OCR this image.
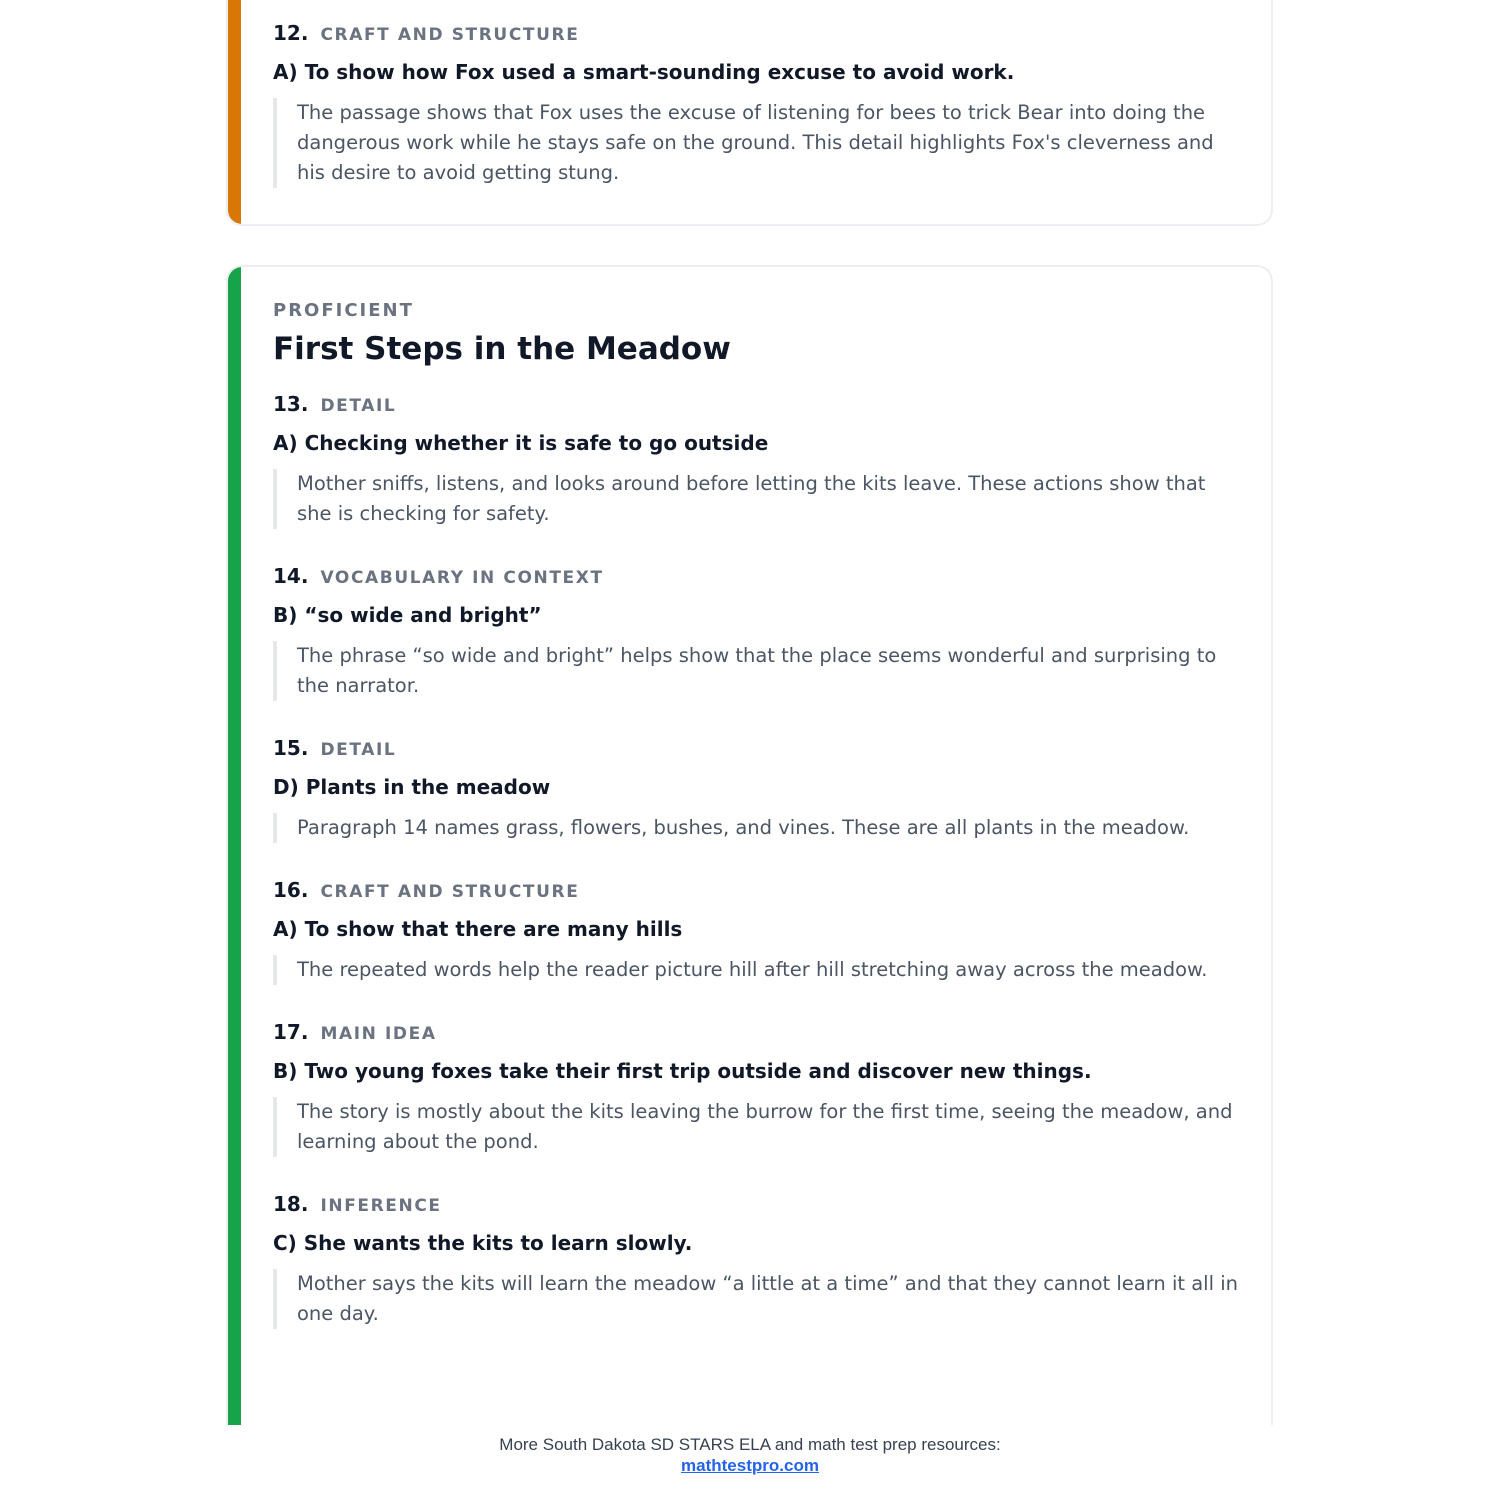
12. CRAFT AND STRUCTURE

A) To show how Fox used a smart-sounding excuse to avoid work.

The passage shows that Fox uses the excuse of listening for bees to trick Bear into doing the dangerous work while he stays safe on the ground. This detail highlights Fox's cleverness and his desire to avoid getting stung.

PROFICIENT

First Steps in the Meadow
13. DETAIL

A) Checking whether it is safe to go outside

Mother sniffs, listens, and looks around before letting the kits leave. These actions show that she is checking for safety.

14. VOCABULARY IN CONTEXT

B) “so wide and bright”

The phrase “so wide and bright” helps show that the place seems wonderful and surprising to the narrator.

15. DETAIL

D) Plants in the meadow

Paragraph 14 names grass, flowers, bushes, and vines. These are all plants in the meadow.

16. CRAFT AND STRUCTURE

A) To show that there are many hills

The repeated words help the reader picture hill after hill stretching away across the meadow.

17. MAIN IDEA

B) Two young foxes take their first trip outside and discover new things.

The story is mostly about the kits leaving the burrow for the first time, seeing the meadow, and learning about the pond.

18. INFERENCE

C) She wants the kits to learn slowly.

Mother says the kits will learn the meadow “a little at a time” and that they cannot learn it all in one day.

More South Dakota SD STARS ELA and math test prep resources:
mathtestpro.com
